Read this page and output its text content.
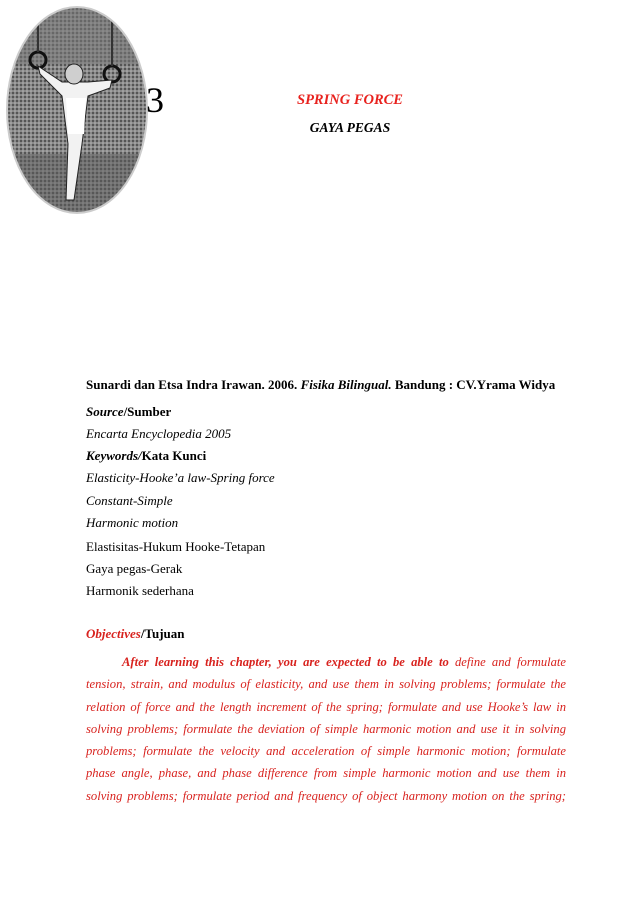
3	SPRING FORCE
GAYA PEGAS
Sunardi dan Etsa Indra Irawan. 2006. Fisika Bilingual. Bandung : CV.Yrama Widya
Source/Sumber
Encarta Encyclopedia 2005
Keywords/Kata Kunci
Elasticity-Hooke’a law-Spring force
Constant-Simple
Harmonic motion
Elastisitas-Hukum Hooke-Tetapan
Gaya pegas-Gerak
Harmonik sederhana
Objectives/Tujuan
After learning this chapter, you are expected to be able to define and formulate
tension, strain, and modulus of elasticity, and use them in solving problems; formulate the
relation of force and the length increment of the spring; formulate and use Hooke’s law in
solving problems; formulate the deviation of simple harmonic motion and use it in solving
problems; formulate the velocity and acceleration of simple harmonic motion; formulate
phase angle, phase, and phase difference from simple harmonic motion and use them in
solving problems; formulate period and frequency of object harmony motion on the spring;
